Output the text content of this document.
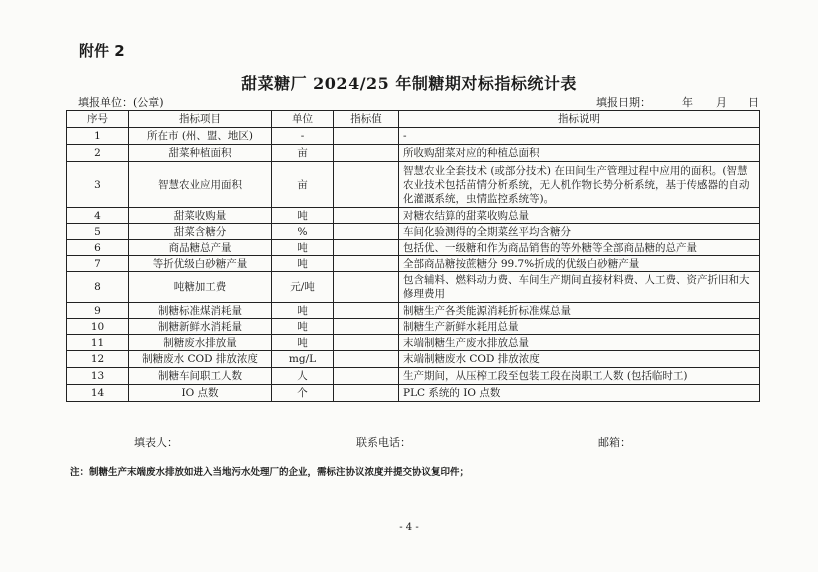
附件 2
甜菜糖厂 2024/25 年制糖期对标指标统计表
填报单位：(公章)	填报日期：	年 月 日
序号	指标项目	单位	指标值	指标说明
1	所在市 (州、盟、地区)	-		-
2	甜菜种植面积	亩		所收购甜菜对应的种植总面积
3	智慧农业应用面积	亩		智慧农业全套技术 (或部分技术) 在田间生产管理过程中应用的面积。(智慧农业技术包括苗情分析系统，无人机作物长势分析系统，基于传感器的自动化灌溉系统，虫情监控系统等)。
4	甜菜收购量	吨		对糖农结算的甜菜收购总量
5	甜菜含糖分	%		车间化验测得的全期菜丝平均含糖分
6	商品糖总产量	吨		包括优、一级糖和作为商品销售的等外糖等全部商品糖的总产量
7	等折优级白砂糖产量	吨		全部商品糖按蔗糖分 99.7%折成的优级白砂糖产量
8	吨糖加工费	元/吨		包含辅料、燃料动力费、车间生产期间直接材料费、人工费、资产折旧和大修理费用
9	制糖标准煤消耗量	吨		制糖生产各类能源消耗折标准煤总量
10	制糖新鲜水消耗量	吨		制糖生产新鲜水耗用总量
11	制糖废水排放量	吨		末端制糖生产废水排放总量
12	制糖废水 COD 排放浓度	mg/L		末端制糖废水 COD 排放浓度
13	制糖车间职工人数	人		生产期间，从压榨工段至包装工段在岗职工人数 (包括临时工)
14	IO 点数	个		PLC 系统的 IO 点数
填表人：	联系电话：	邮箱：
注：制糖生产末端废水排放如进入当地污水处理厂的企业，需标注协议浓度并提交协议复印件；
- 4 -
